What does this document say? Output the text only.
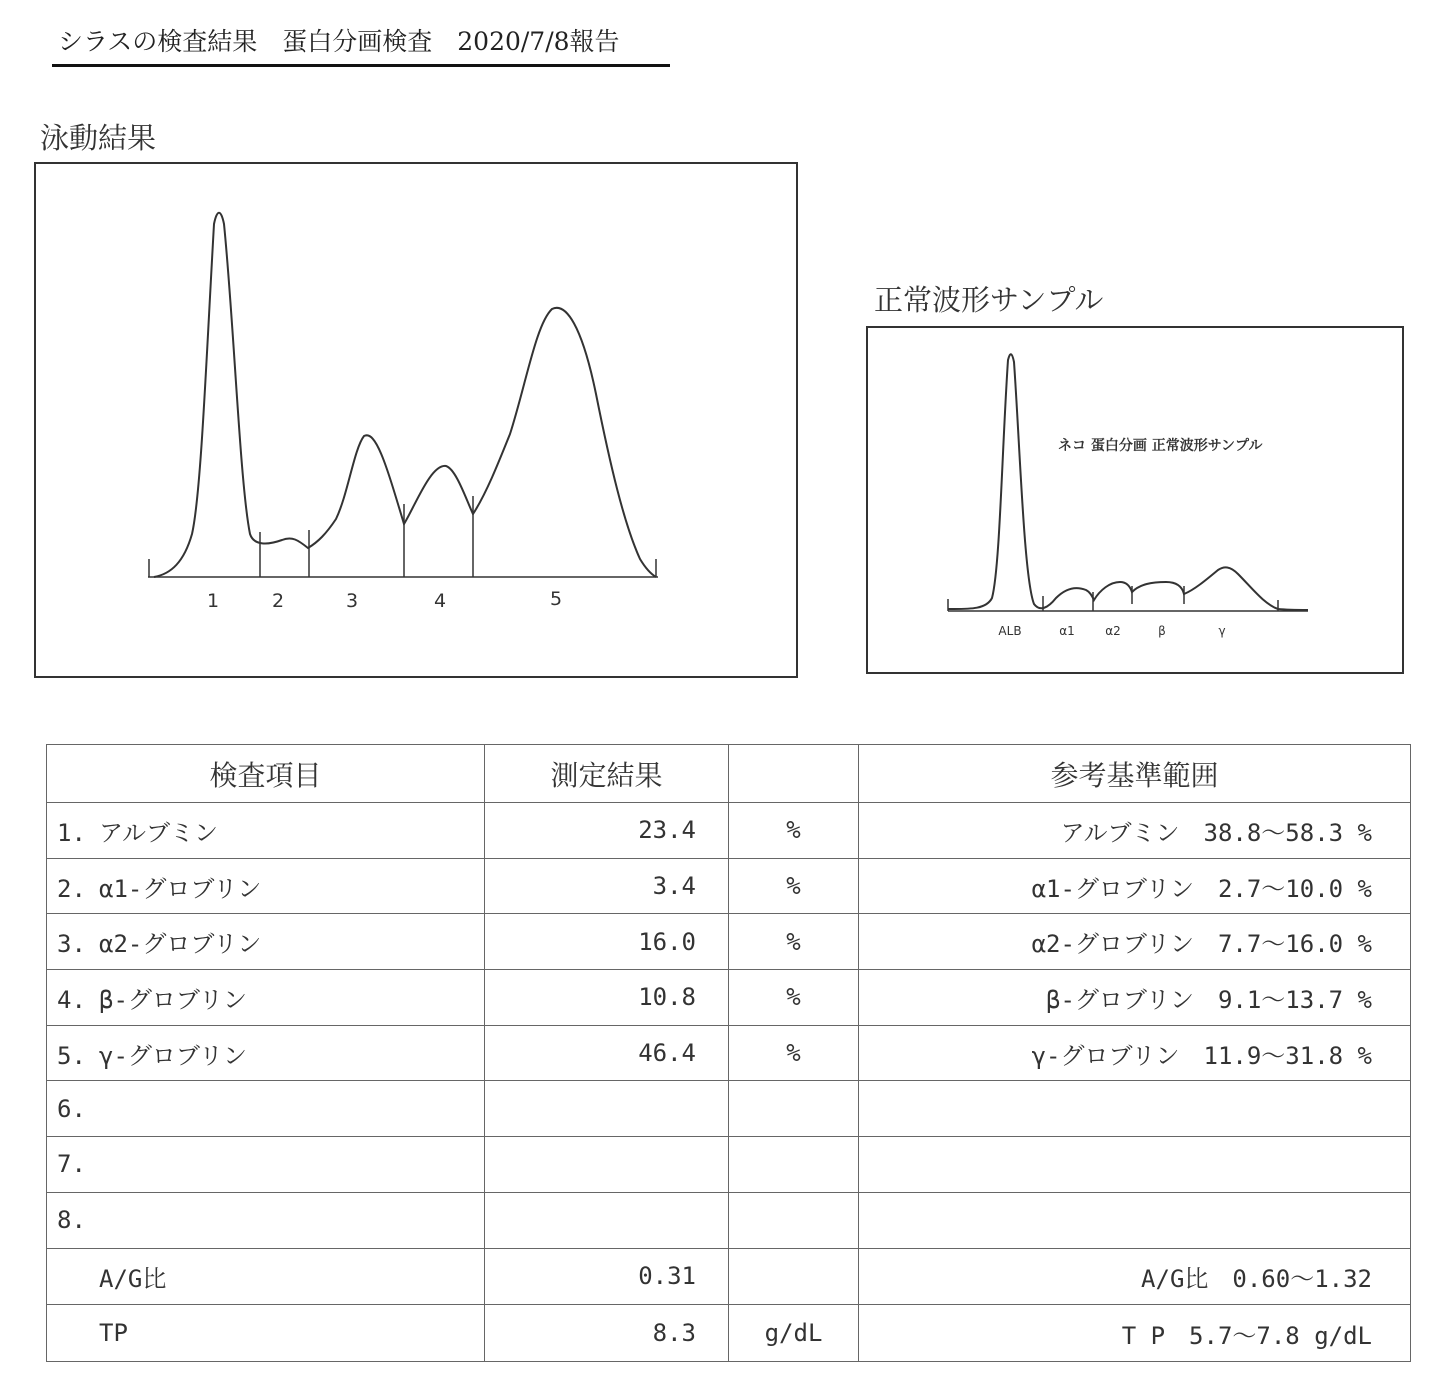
シラスの検査結果　蛋白分画検査　2020/7/8報告
泳動結果
1	2	3	4	5
正常波形サンプル
ネコ 蛋白分画 正常波形サンプル
ALB	α1	α2	β	γ
検査項目	測定結果		参考基準範囲
1. アルブミン	23.4	%	アルブミン　38.8～58.3 %
2. α1-グロブリン	3.4	%	α1-グロブリン　2.7～10.0 %
3. α2-グロブリン	16.0	%	α2-グロブリン　7.7～16.0 %
4. β-グロブリン	10.8	%	β-グロブリン　9.1～13.7 %
5. γ-グロブリン	46.4	%	γ-グロブリン　11.9～31.8 %
6.			
7.			
8.			
A/G比	0.31		A/G比　0.60～1.32
TP	8.3	g/dL	T P　5.7～7.8 g/dL
